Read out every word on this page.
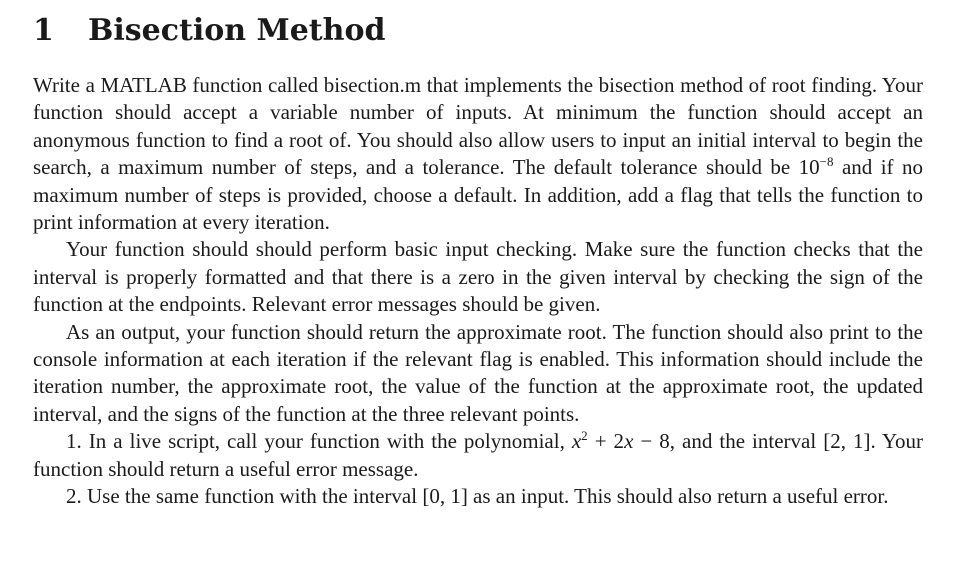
1 Bisection Method

Write a MATLAB function called bisection.m that implements the bisection method of root finding. Your function should accept a variable number of inputs. At minimum the function should accept an anonymous function to find a root of. You should also allow users to input an initial interval to begin the search, a maximum number of steps, and a tolerance. The default tolerance should be $10^{-8}$ and if no maximum number of steps is provided, choose a default. In addition, add a flag that tells the function to print information at every iteration.

Your function should should perform basic input checking. Make sure the function checks that the interval is properly formatted and that there is a zero in the given interval by checking the sign of the function at the endpoints. Relevant error messages should be given.

As an output, your function should return the approximate root. The function should also print to the console information at each iteration if the relevant flag is enabled. This information should include the iteration number, the approximate root, the value of the function at the approximate root, the updated interval, and the signs of the function at the three relevant points.

1. In a live script, call your function with the polynomial, $x^2 + 2x - 8$, and the interval [2, 1]. Your function should return a useful error message.

2. Use the same function with the interval [0, 1] as an input. This should also return a useful error.
